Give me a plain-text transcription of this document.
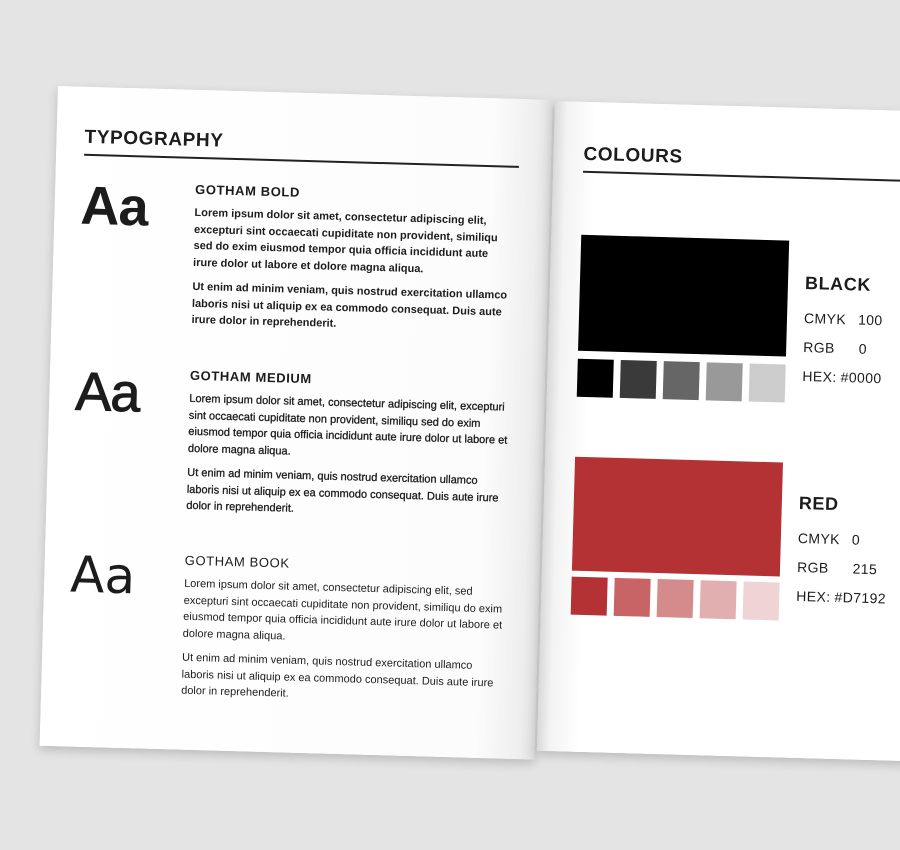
TYPOGRAPHY
Aa	GOTHAM BOLD

Lorem ipsum dolor sit amet, consectetur adipiscing elit, excepturi sint occaecati cupiditate non provident, similiqu sed do exim eiusmod tempor quia officia incididunt aute irure dolor ut labore et dolore magna aliqua.

Ut enim ad minim veniam, quis nostrud exercitation ullamco laboris nisi ut aliquip ex ea commodo consequat. Duis aute irure dolor in reprehenderit.

Aa	GOTHAM MEDIUM

Lorem ipsum dolor sit amet, consectetur adipiscing elit, excepturi sint occaecati cupiditate non provident, similiqu sed do exim eiusmod tempor quia officia incididunt aute irure dolor ut labore et dolore magna aliqua.

Ut enim ad minim veniam, quis nostrud exercitation ullamco laboris nisi ut aliquip ex ea commodo consequat. Duis aute irure dolor in reprehenderit.

Aa	GOTHAM BOOK

Lorem ipsum dolor sit amet, consectetur adipiscing elit, sed excepturi sint occaecati cupiditate non provident, similiqu do exim eiusmod tempor quia officia incididunt aute irure dolor ut labore et dolore magna aliqua.

Ut enim ad minim veniam, quis nostrud exercitation ullamco laboris nisi ut aliquip ex ea commodo consequat. Duis aute irure dolor in reprehenderit.

COLOURS
BLACK
CMYK 100
RGB 0
HEX: #0000
RED
CMYK 0
RGB 215
HEX: #D7192
